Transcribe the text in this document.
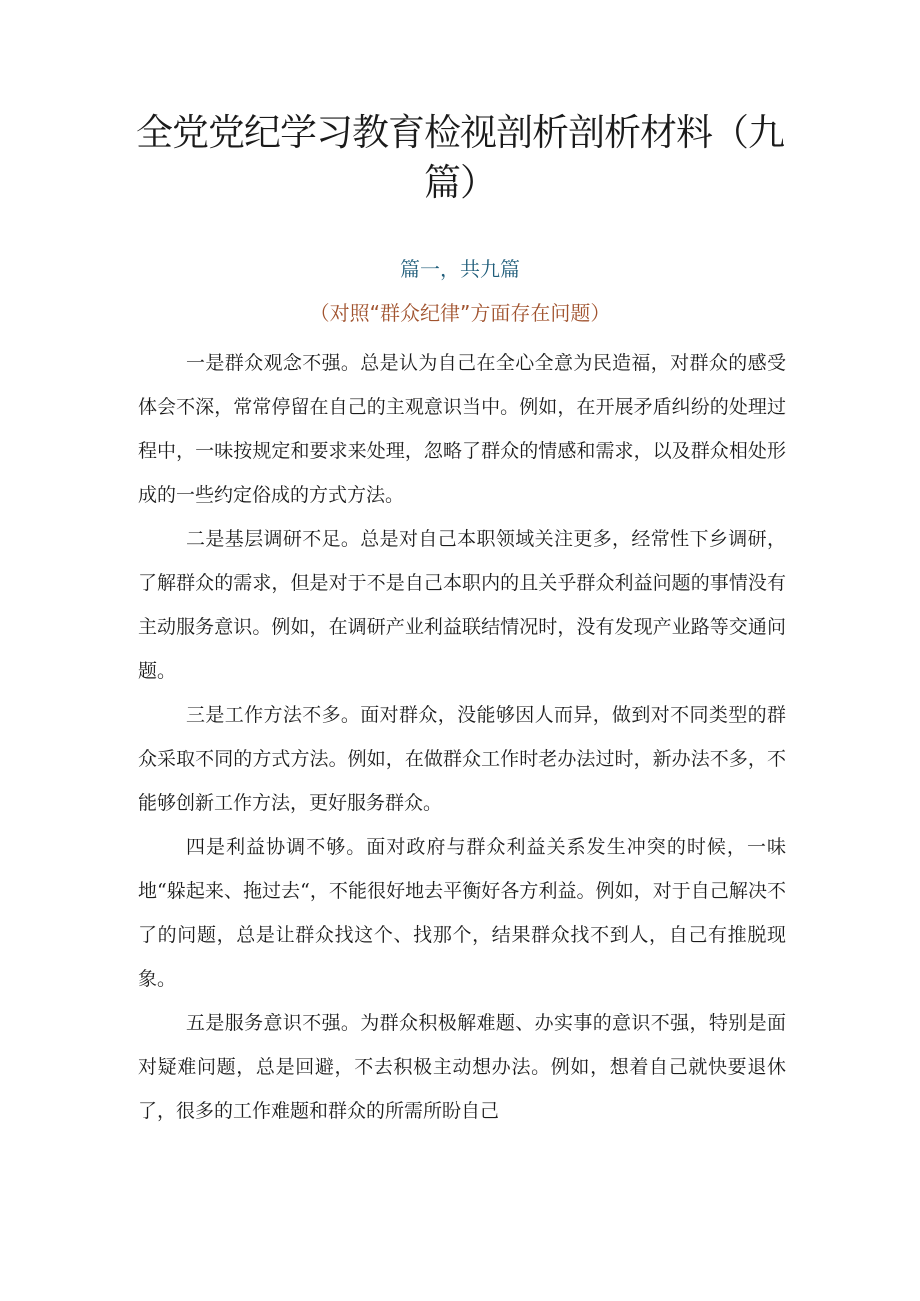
全党党纪学习教育检视剖析剖析材料（九篇）

篇一，共九篇

（对照“群众纪律”方面存在问题）

一是群众观念不强。总是认为自己在全心全意为民造福，对群众的感受体会不深，常常停留在自己的主观意识当中。例如，在开展矛盾纠纷的处理过程中，一味按规定和要求来处理，忽略了群众的情感和需求，以及群众相处形成的一些约定俗成的方式方法。

二是基层调研不足。总是对自己本职领域关注更多，经常性下乡调研，了解群众的需求，但是对于不是自己本职内的且关乎群众利益问题的事情没有主动服务意识。例如，在调研产业利益联结情况时，没有发现产业路等交通问题。

三是工作方法不多。面对群众，没能够因人而异，做到对不同类型的群众采取不同的方式方法。例如，在做群众工作时老办法过时，新办法不多，不能够创新工作方法，更好服务群众。

四是利益协调不够。面对政府与群众利益关系发生冲突的时候，一味地“躲起来、拖过去“，不能很好地去平衡好各方利益。例如，对于自己解决不了的问题，总是让群众找这个、找那个，结果群众找不到人，自己有推脱现象。

五是服务意识不强。为群众积极解难题、办实事的意识不强，特别是面对疑难问题，总是回避，不去积极主动想办法。例如，想着自己就快要退休了，很多的工作难题和群众的所需所盼自己
